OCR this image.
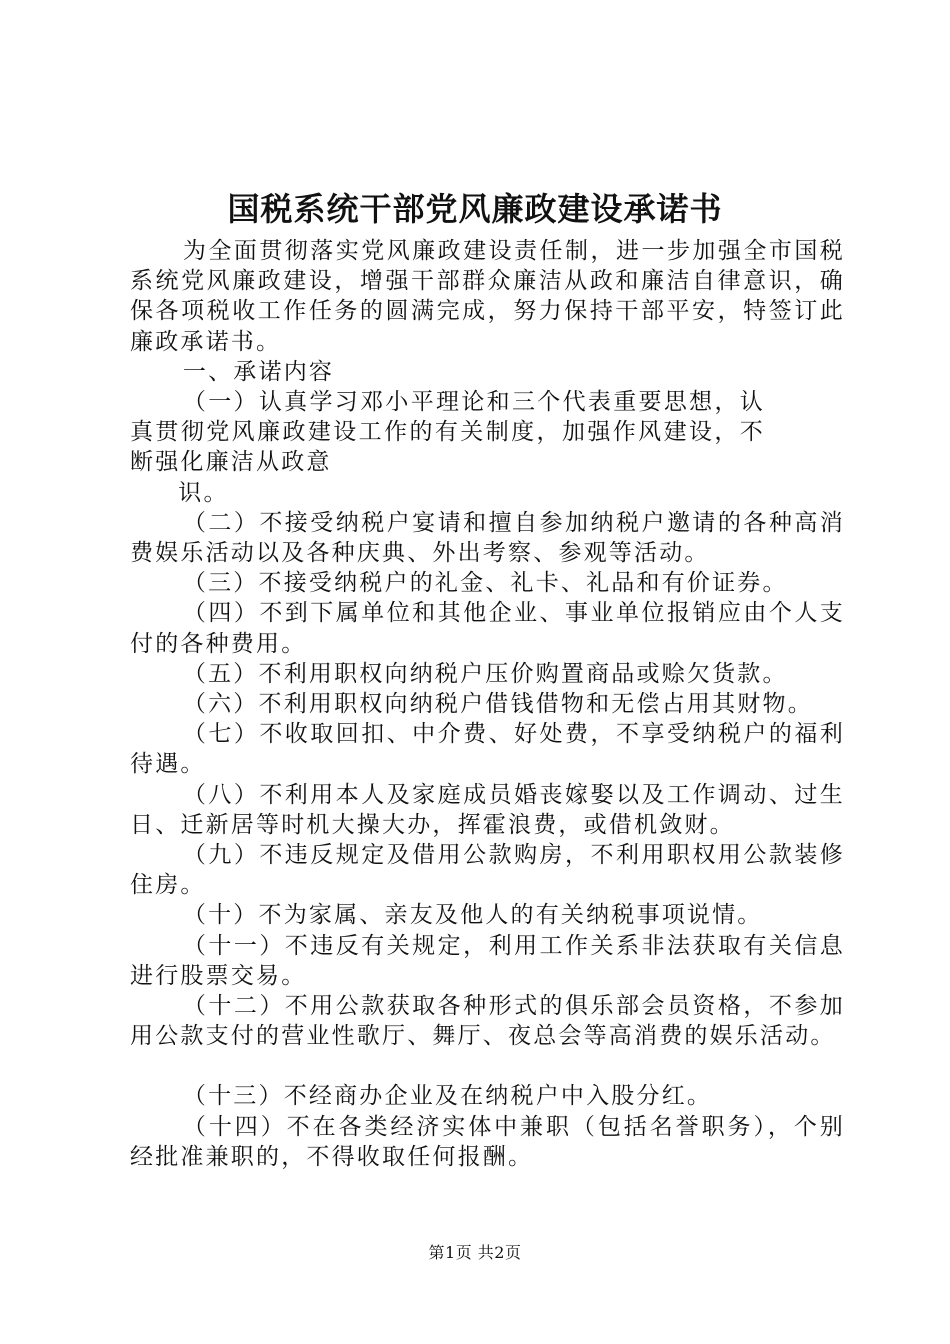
国税系统干部党风廉政建设承诺书

为全面贯彻落实党风廉政建设责任制，进一步加强全市国税系统党风廉政建设，增强干部群众廉洁从政和廉洁自律意识，确保各项税收工作任务的圆满完成，努力保持干部平安，特签订此廉政承诺书。

一、承诺内容

（一）认真学习邓小平理论和三个代表重要思想，认真贯彻党风廉政建设工作的有关制度，加强作风建设，不断强化廉洁从政意

识。

（二）不接受纳税户宴请和擅自参加纳税户邀请的各种高消费娱乐活动以及各种庆典、外出考察、参观等活动。

（三）不接受纳税户的礼金、礼卡、礼品和有价证券。

（四）不到下属单位和其他企业、事业单位报销应由个人支付的各种费用。

（五）不利用职权向纳税户压价购置商品或赊欠货款。

（六）不利用职权向纳税户借钱借物和无偿占用其财物。

（七）不收取回扣、中介费、好处费，不享受纳税户的福利待遇。

（八）不利用本人及家庭成员婚丧嫁娶以及工作调动、过生日、迁新居等时机大操大办，挥霍浪费，或借机敛财。

（九）不违反规定及借用公款购房，不利用职权用公款装修住房。

（十）不为家属、亲友及他人的有关纳税事项说情。

（十一）不违反有关规定，利用工作关系非法获取有关信息进行股票交易。

（十二）不用公款获取各种形式的俱乐部会员资格，不参加用公款支付的营业性歌厅、舞厅、夜总会等高消费的娱乐活动。

（十三）不经商办企业及在纳税户中入股分红。

（十四）不在各类经济实体中兼职（包括名誉职务），个别经批准兼职的，不得收取任何报酬。

第1页 共2页
